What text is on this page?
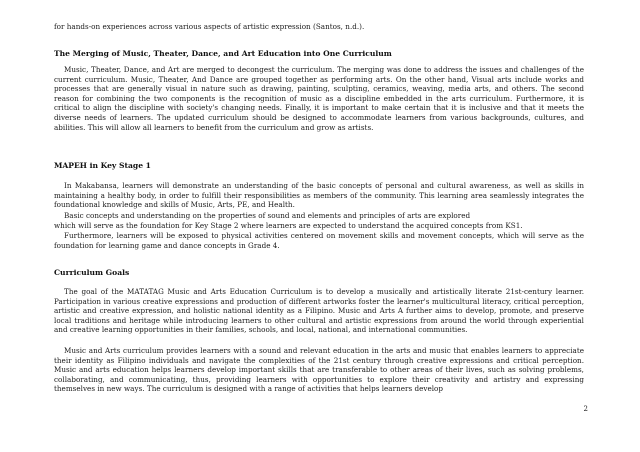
for hands-on experiences across various aspects of artistic expression (Santos, n.d.).

The Merging of Music, Theater, Dance, and Art Education into One Curriculum

Music, Theater, Dance, and Art are merged to decongest the curriculum. The merging was done to address the issues and challenges of the current curriculum. Music, Theater, And Dance are grouped together as performing arts. On the other hand, Visual arts include works and processes that are generally visual in nature such as drawing, painting, sculpting, ceramics, weaving, media arts, and others. The second reason for combining the two components is the recognition of music as a discipline embedded in the arts curriculum. Furthermore, it is critical to align the discipline with society's changing needs. Finally, it is important to make certain that it is inclusive and that it meets the diverse needs of learners. The updated curriculum should be designed to accommodate learners from various backgrounds, cultures, and abilities. This will allow all learners to benefit from the curriculum and grow as artists.

MAPEH in Key Stage 1

In Makabansa, learners will demonstrate an understanding of the basic concepts of personal and cultural awareness, as well as skills in maintaining a healthy body, in order to fulfill their responsibilities as members of the community. This learning area seamlessly integrates the foundational knowledge and skills of Music, Arts, PE, and Health.

Basic concepts and understanding on the properties of sound and elements and principles of arts are explored

which will serve as the foundation for Key Stage 2 where learners are expected to understand the acquired concepts from KS1.

Furthermore, learners will be exposed to physical activities centered on movement skills and movement concepts, which will serve as the foundation for learning game and dance concepts in Grade 4.

Curriculum Goals

The goal of the MATATAG Music and Arts Education Curriculum is to develop a musically and artistically literate 21st-century learner. Participation in various creative expressions and production of different artworks foster the learner's multicultural literacy, critical perception, artistic and creative expression, and holistic national identity as a Filipino. Music and Arts A further aims to develop, promote, and preserve local traditions and heritage while introducing learners to other cultural and artistic expressions from around the world through experiential and creative learning opportunities in their families, schools, and local, national, and international communities.

Music and Arts curriculum provides learners with a sound and relevant education in the arts and music that enables learners to appreciate their identity as Filipino individuals and navigate the complexities of the 21st century through creative expressions and critical perception. Music and arts education helps learners develop important skills that are transferable to other areas of their lives, such as solving problems, collaborating, and communicating, thus, providing learners with opportunities to explore their creativity and artistry and expressing themselves in new ways. The curriculum is designed with a range of activities that helps learners develop

2
